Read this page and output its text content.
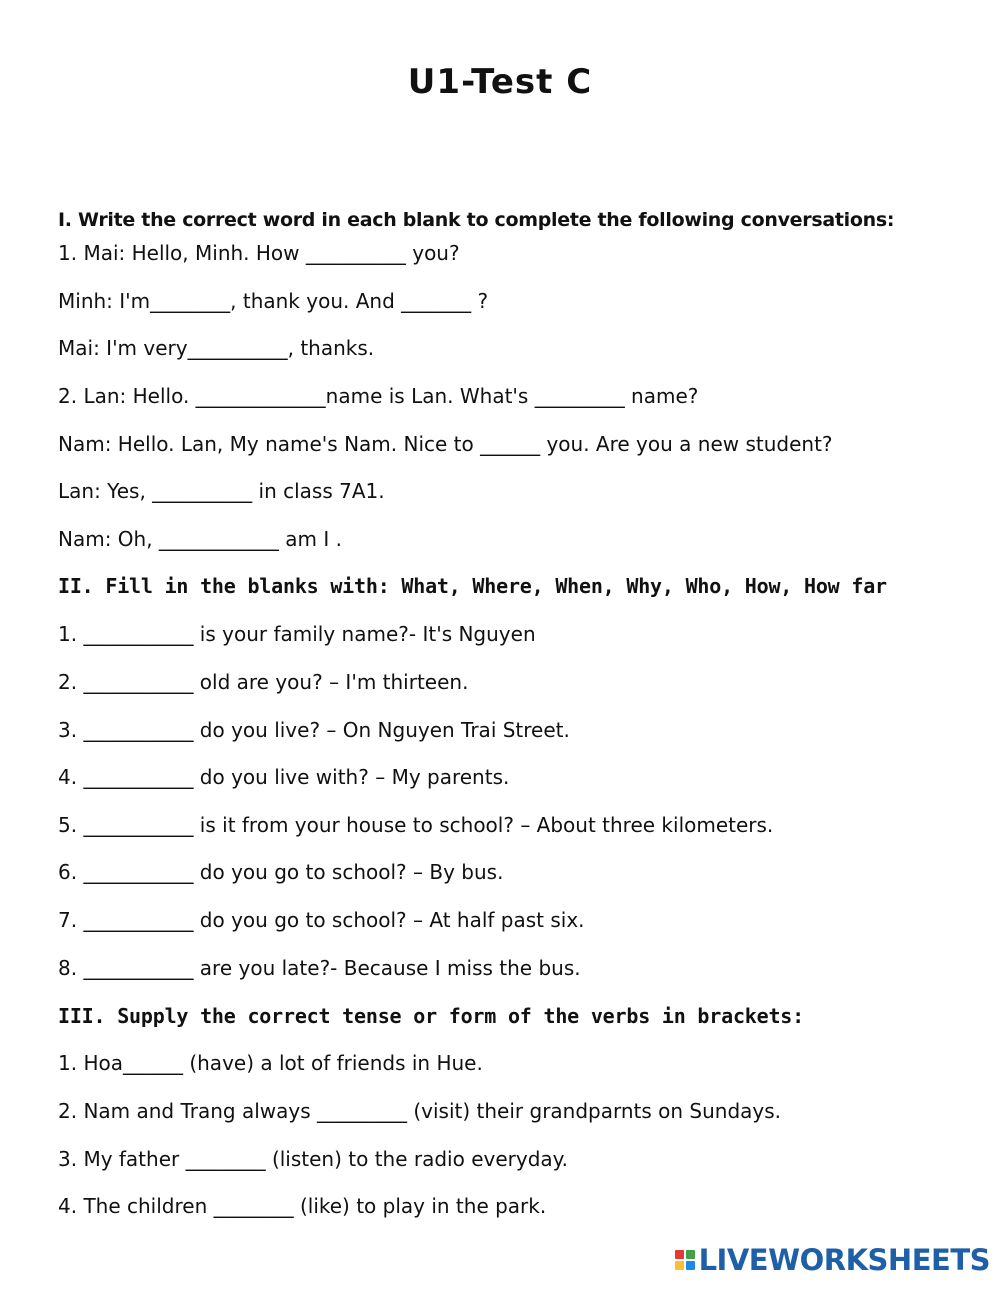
U1-Test C
I. Write the correct word in each blank to complete the following conversations:
1. Mai: Hello, Minh. How __________ you?
Minh: I'm________, thank you. And _______ ?
Mai: I'm very__________, thanks.
2. Lan: Hello. _____________name is Lan. What's _________ name?
Nam: Hello. Lan, My name's Nam. Nice to ______ you. Are you a new student?
Lan: Yes, __________ in class 7A1.
Nam: Oh, ____________ am I .
II. Fill in the blanks with: What, Where, When, Why, Who, How, How far
1. ___________ is your family name?- It's Nguyen
2. ___________ old are you? – I'm thirteen.
3. ___________ do you live? – On Nguyen Trai Street.
4. ___________ do you live with? – My parents.
5. ___________ is it from your house to school? – About three kilometers.
6. ___________ do you go to school? – By bus.
7. ___________ do you go to school? – At half past six.
8. ___________ are you late?- Because I miss the bus.
III. Supply the correct tense or form of the verbs in brackets:
1. Hoa______ (have) a lot of friends in Hue.
2. Nam and Trang always _________ (visit) their grandparnts on Sundays.
3. My father ________ (listen) to the radio everyday.
4. The children ________ (like) to play in the park.
LIVEWORKSHEETS
